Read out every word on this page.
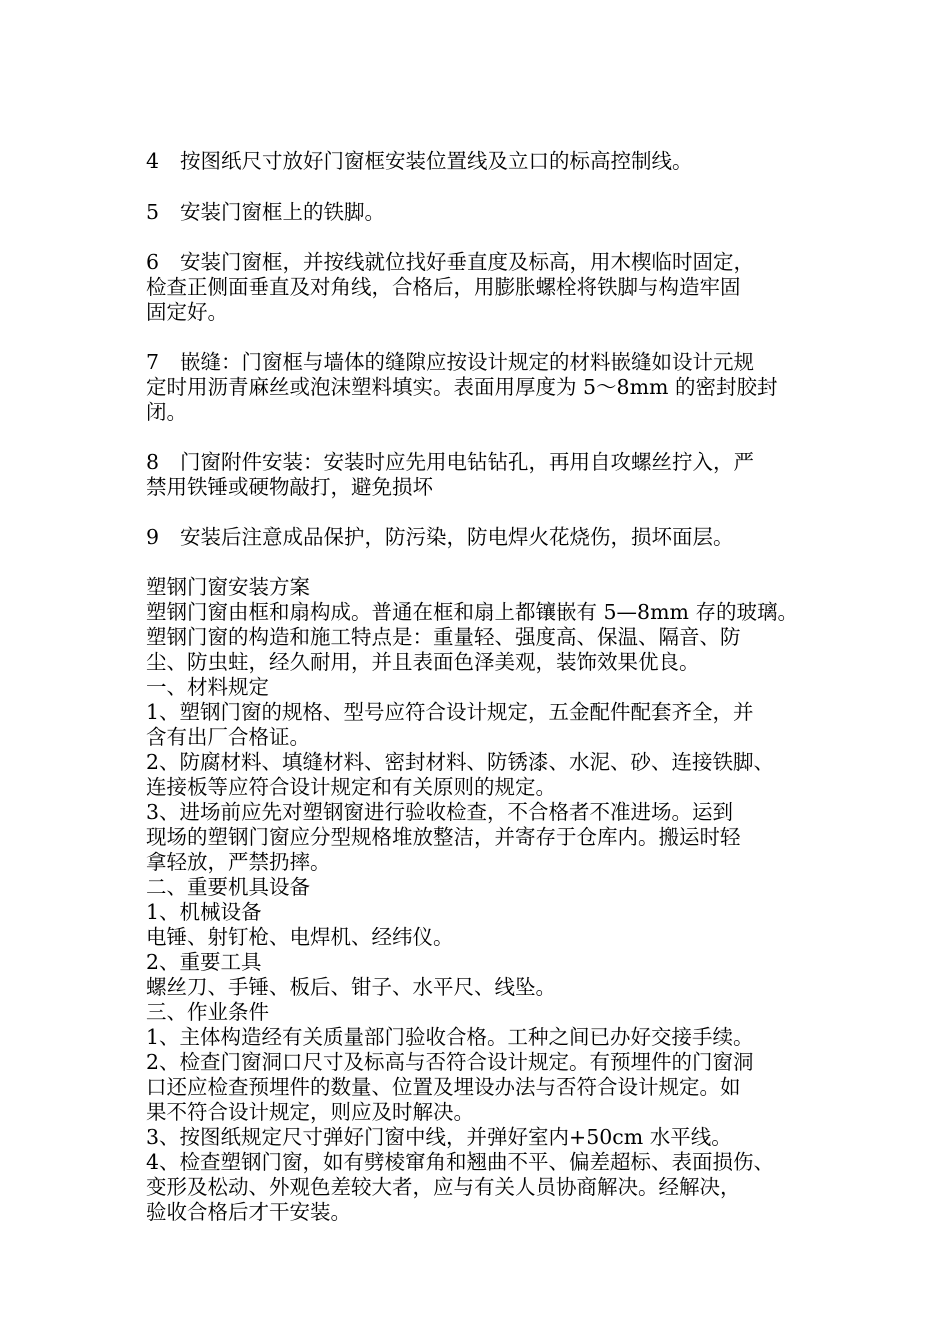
4 按图纸尺寸放好门窗框安装位置线及立口的标高控制线。
5 安装门窗框上的铁脚。
6 安装门窗框，并按线就位找好垂直度及标高，用木楔临时固定，
检查正侧面垂直及对角线，合格后，用膨胀螺栓将铁脚与构造牢固
固定好。
7 嵌缝：门窗框与墙体的缝隙应按设计规定的材料嵌缝如设计元规
定时用沥青麻丝或泡沫塑料填实。表面用厚度为 5～8mm 的密封胶封
闭。
8 门窗附件安装：安装时应先用电钻钻孔，再用自攻螺丝拧入，严
禁用铁锤或硬物敲打，避免损坏
9 安装后注意成品保护，防污染，防电焊火花烧伤，损坏面层。
塑钢门窗安装方案
塑钢门窗由框和扇构成。普通在框和扇上都镶嵌有 5—8mm 存的玻璃。
塑钢门窗的构造和施工特点是：重量轻、强度高、保温、隔音、防
尘、防虫蛀，经久耐用，并且表面色泽美观，装饰效果优良。
一、材料规定
1、塑钢门窗的规格、型号应符合设计规定，五金配件配套齐全，并
含有出厂合格证。
2、防腐材料、填缝材料、密封材料、防锈漆、水泥、砂、连接铁脚、
连接板等应符合设计规定和有关原则的规定。
3、进场前应先对塑钢窗进行验收检查，不合格者不准进场。运到
现场的塑钢门窗应分型规格堆放整洁，并寄存于仓库内。搬运时轻
拿轻放，严禁扔摔。
二、重要机具设备
1、机械设备
电锤、射钉枪、电焊机、经纬仪。
2、重要工具
螺丝刀、手锤、板后、钳子、水平尺、线坠。
三、作业条件
1、主体构造经有关质量部门验收合格。工种之间已办好交接手续。
2、检查门窗洞口尺寸及标高与否符合设计规定。有预埋件的门窗洞
口还应检查预埋件的数量、位置及埋设办法与否符合设计规定。如
果不符合设计规定，则应及时解决。
3、按图纸规定尺寸弹好门窗中线，并弹好室内+50cm 水平线。
4、检查塑钢门窗，如有劈棱窜角和翘曲不平、偏差超标、表面损伤、
变形及松动、外观色差较大者，应与有关人员协商解决。经解决，
验收合格后才干安装。
